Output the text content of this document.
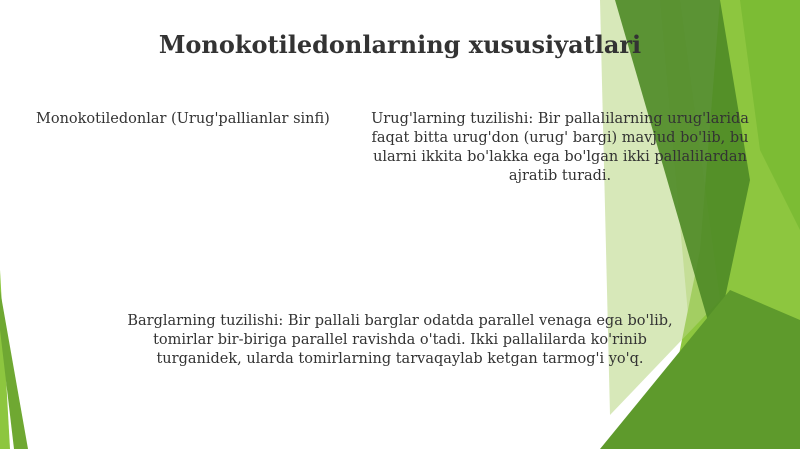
Monokotiledonlarning xususiyatlari
Monokotiledonlar (Urug'pallianlar sinfi)	Urug'larning tuzilishi: Bir pallalilarning urug'larida faqat bitta urug'don (urug' bargi) mavjud bo'lib, bu ularni ikkita bo'lakka ega bo'lgan ikki pallalilardan ajratib turadi.
Barglarning tuzilishi: Bir pallali barglar odatda parallel venaga ega bo'lib, tomirlar bir-biriga parallel ravishda o'tadi. Ikki pallalilarda ko'rinib turganidek, ularda tomirlarning tarvaqaylab ketgan tarmog'i yo'q.
